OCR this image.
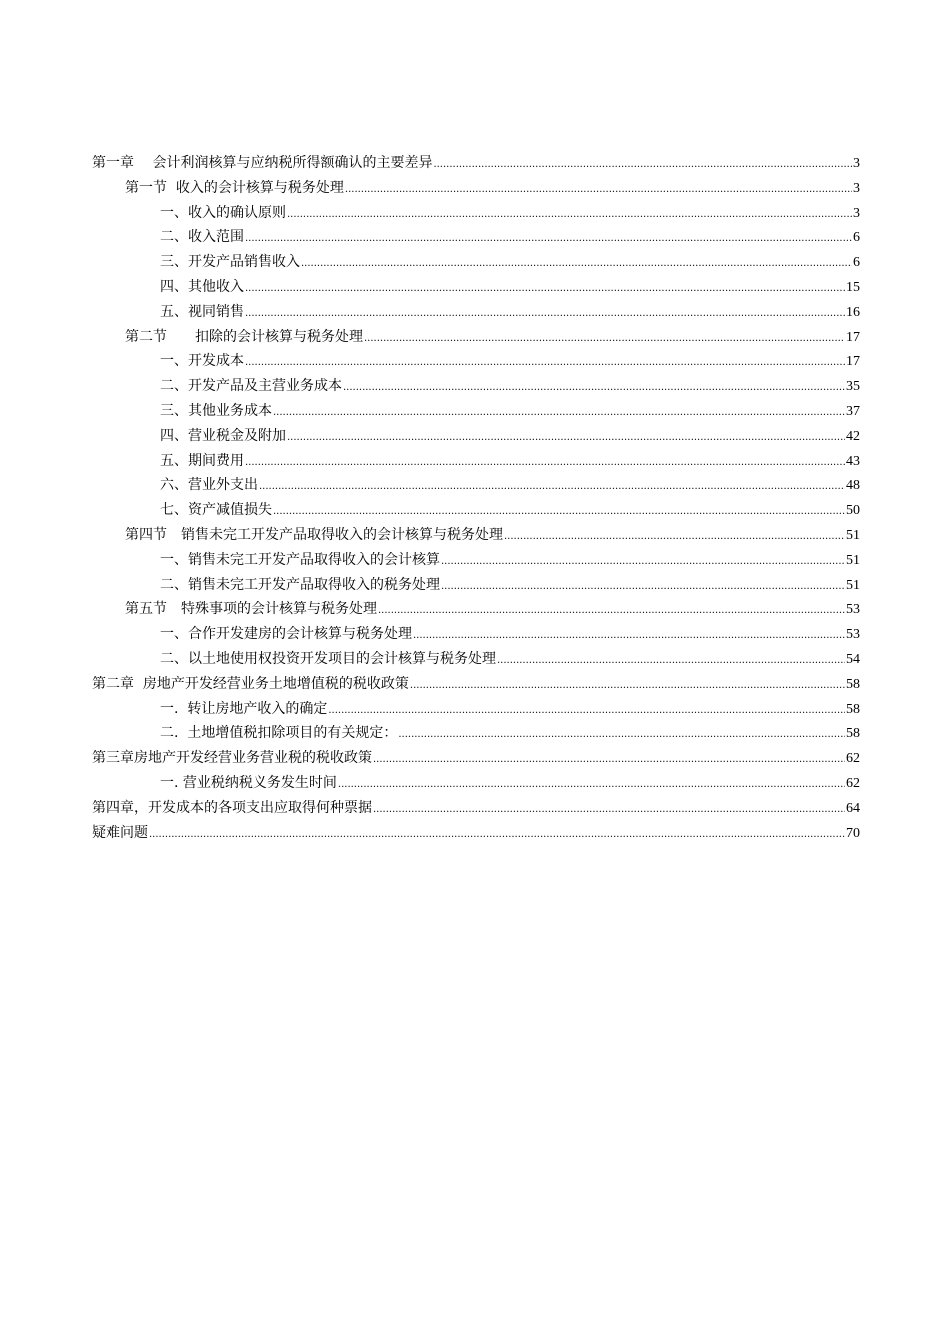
第一章　 会计利润核算与应纳税所得额确认的主要差异 .....	3
第一节  收入的会计核算与税务处理 .....	3
一、收入的确认原则 .....	3
二、收入范围 .....	6
三、开发产品销售收入 .....	6
四、其他收入 .....	15
五、视同销售 .....	16
第二节　　扣除的会计核算与税务处理 .....	17
一、开发成本 .....	17
二、开发产品及主营业务成本 .....	35
三、其他业务成本 .....	37
四、营业税金及附加 .....	42
五、期间费用 .....	43
六、营业外支出 .....	48
七、资产减值损失 .....	50
第四节　销售未完工开发产品取得收入的会计核算与税务处理 .....	51
一、销售未完工开发产品取得收入的会计核算 .....	51
二、销售未完工开发产品取得收入的税务处理 .....	51
第五节　特殊事项的会计核算与税务处理 .....	53
一、合作开发建房的会计核算与税务处理 .....	53
二、以土地使用权投资开发项目的会计核算与税务处理 .....	54
第二章  房地产开发经营业务土地增值税的税收政策 .....	58
一.  转让房地产收入的确定 .....	58
二.  土地增值税扣除项目的有关规定： .....	58
第三章房地产开发经营业务营业税的税收政策 .....	62
一. 营业税纳税义务发生时间 .....	62
第四章，开发成本的各项支出应取得何种票据 .....	64
疑难问题 .....	70
